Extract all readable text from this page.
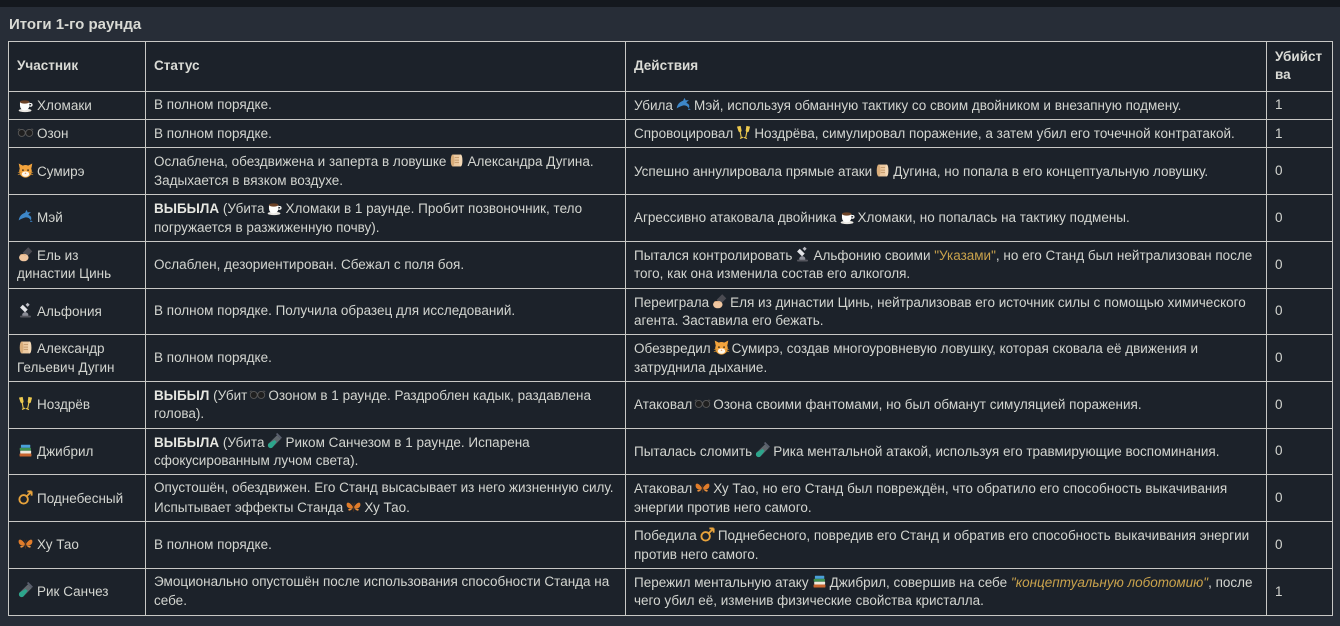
Итоги 1-го раунда
Участник	Статус	Действия	Убийства
Хломаки	В полном порядке.	Убила Мэй, используя обманную тактику со своим двойником и внезапную подмену.	1
Озон	В полном порядке.	Спровоцировал Ноздрёва, симулировал поражение, а затем убил его точечной контратакой.	1
Сумирэ	Ослаблена, обездвижена и заперта в ловушке Александра Дугина. Задыхается в вязком воздухе.	Успешно аннулировала прямые атаки Дугина, но попала в его концептуальную ловушку.	0
Мэй	ВЫБЫЛА (Убита Хломаки в 1 раунде. Пробит позвоночник, тело погружается в разжиженную почву).	Агрессивно атаковала двойника Хломаки, но попалась на тактику подмены.	0
Ель из династии Цинь	Ослаблен, дезориентирован. Сбежал с поля боя.	Пытался контролировать Альфонию своими "Указами", но его Станд был нейтрализован после того, как она изменила состав его алкоголя.	0
Альфония	В полном порядке. Получила образец для исследований.	Переиграла Еля из династии Цинь, нейтрализовав его источник силы с помощью химического агента. Заставила его бежать.	0
Александр Гельевич Дугин	В полном порядке.	Обезвредил Сумирэ, создав многоуровневую ловушку, которая сковала её движения и затруднила дыхание.	0
Ноздрёв	ВЫБЫЛ (Убит Озоном в 1 раунде. Раздроблен кадык, раздавлена голова).	Атаковал Озона своими фантомами, но был обманут симуляцией поражения.	0
Джибрил	ВЫБЫЛА (Убита Риком Санчезом в 1 раунде. Испарена сфокусированным лучом света).	Пыталась сломить Рика ментальной атакой, используя его травмирующие воспоминания.	0
Поднебесный	Опустошён, обездвижен. Его Станд высасывает из него жизненную силу. Испытывает эффекты Станда Ху Тао.	Атаковал Ху Тао, но его Станд был повреждён, что обратило его способность выкачивания энергии против него самого.	0
Ху Тао	В полном порядке.	Победила Поднебесного, повредив его Станд и обратив его способность выкачивания энергии против него самого.	0
Рик Санчез	Эмоционально опустошён после использования способности Станда на себе.	Пережил ментальную атаку Джибрил, совершив на себе "концептуальную лоботомию", после чего убил её, изменив физические свойства кристалла.	1
